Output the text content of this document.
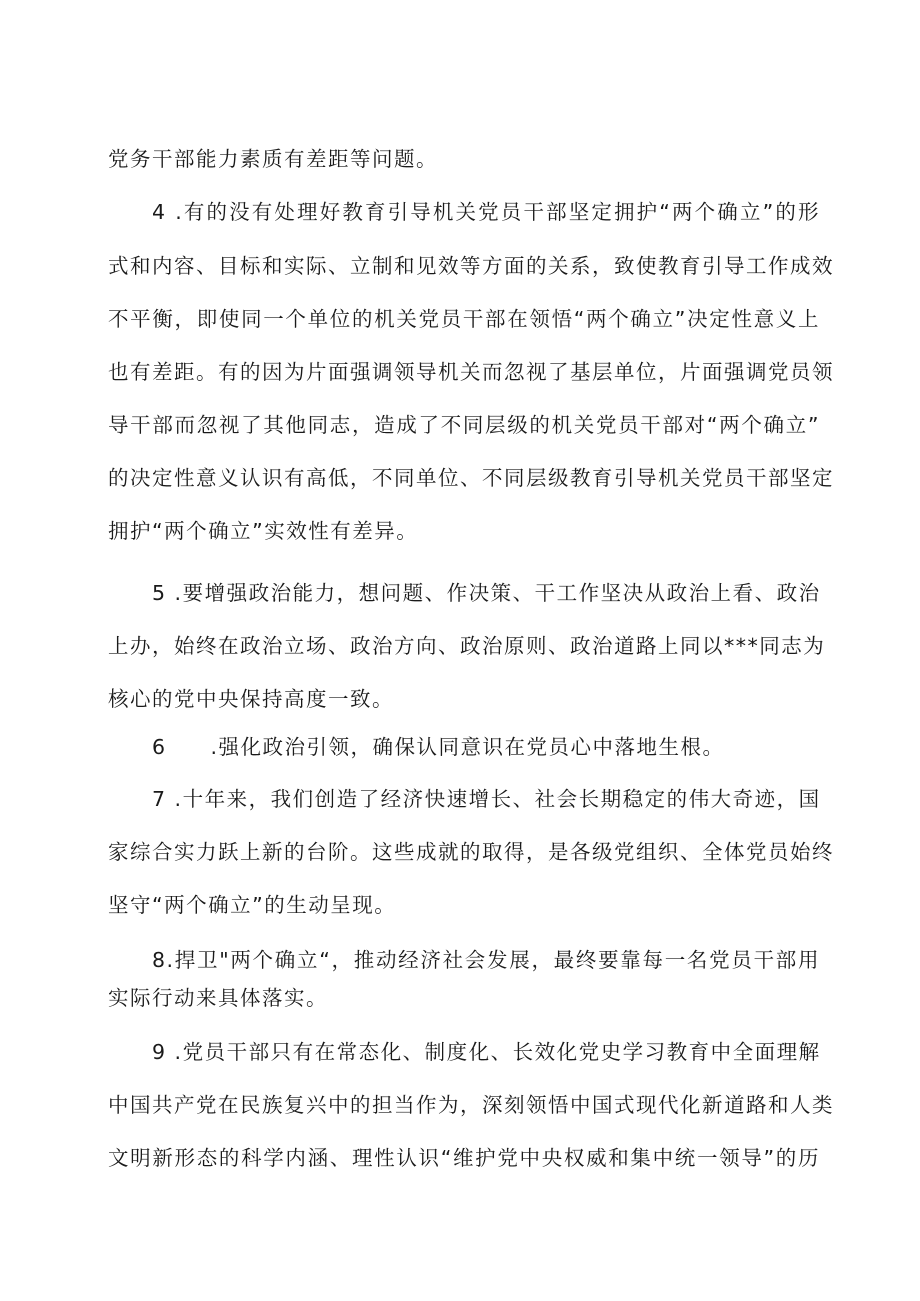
党务干部能力素质有差距等问题。
4 .有的没有处理好教育引导机关党员干部坚定拥护“两个确立”的形
式和内容、目标和实际、立制和见效等方面的关系，致使教育引导工作成效
不平衡，即使同一个单位的机关党员干部在领悟“两个确立”决定性意义上
也有差距。有的因为片面强调领导机关而忽视了基层单位，片面强调党员领
导干部而忽视了其他同志，造成了不同层级的机关党员干部对“两个确立”
的决定性意义认识有高低，不同单位、不同层级教育引导机关党员干部坚定
拥护“两个确立”实效性有差异。
5 .要增强政治能力，想问题、作决策、干工作坚决从政治上看、政治
上办，始终在政治立场、政治方向、政治原则、政治道路上同以***同志为
核心的党中央保持高度一致。
6　　.强化政治引领，确保认同意识在党员心中落地生根。
7 .十年来，我们创造了经济快速增长、社会长期稳定的伟大奇迹，国
家综合实力跃上新的台阶。这些成就的取得，是各级党组织、全体党员始终
坚守“两个确立”的生动呈现。
8.捍卫"两个确立“，推动经济社会发展，最终要靠每一名党员干部用
实际行动来具体落实。
9 .党员干部只有在常态化、制度化、长效化党史学习教育中全面理解
中国共产党在民族复兴中的担当作为，深刻领悟中国式现代化新道路和人类
文明新形态的科学内涵、理性认识“维护党中央权威和集中统一领导”的历
